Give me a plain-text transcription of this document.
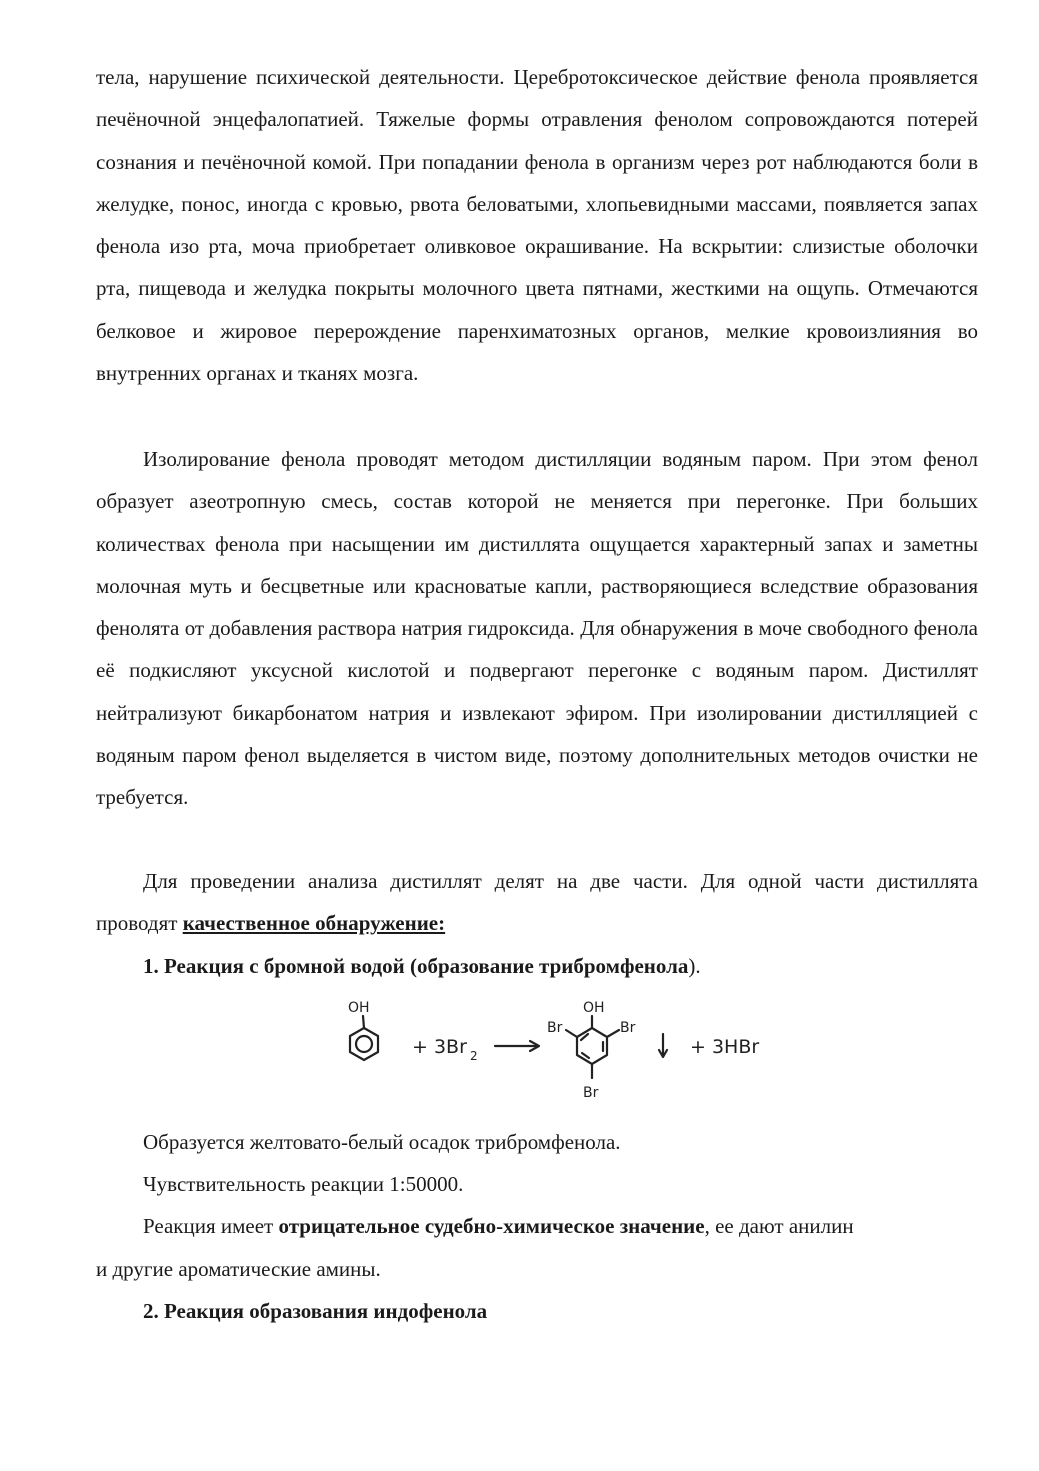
тела, нарушение психической деятельности. Церебротоксическое действие фенола проявляется печёночной энцефалопатией. Тяжелые формы отравления фенолом сопровождаются потерей сознания и печёночной комой. При попадании фенола в организм через рот наблюдаются боли в желудке, понос, иногда с кровью, рвота беловатыми, хлопьевидными массами, появляется запах фенола изо рта, моча приобретает оливковое окрашивание. На вскрытии: слизистые оболочки рта, пищевода и желудка покрыты молочного цвета пятнами, жесткими на ощупь. Отмечаются белковое и жировое перерождение паренхиматозных органов, мелкие кровоизлияния во внутренних органах и тканях мозга.

Изолирование фенола проводят методом дистилляции водяным паром. При этом фенол образует азеотропную смесь, состав которой не меняется при перегонке. При больших количествах фенола при насыщении им дистиллята ощущается характерный запах и заметны молочная муть и бесцветные или красноватые капли, растворяющиеся вследствие образования фенолята от добавления раствора натрия гидроксида. Для обнаружения в моче свободного фенола её подкисляют уксусной кислотой и подвергают перегонке с водяным паром. Дистиллят нейтрализуют бикарбонатом натрия и извлекают эфиром. При изолировании дистилляцией с водяным паром фенол выделяется в чистом виде, поэтому дополнительных методов очистки не требуется.

Для проведении анализа дистиллят делят на две части. Для одной части дистиллята проводят качественное обнаружение:

1. Реакция с бромной водой (образование трибромфенола).

OH
+ 3Br 2
OH
Br	Br
Br
+ 3HBr

Образуется желтовато-белый осадок трибромфенола.

Чувствительность реакции 1:50000.

Реакция имеет отрицательное судебно-химическое значение, ее дают анилин

и другие ароматические амины.

2. Реакция образования индофенола
